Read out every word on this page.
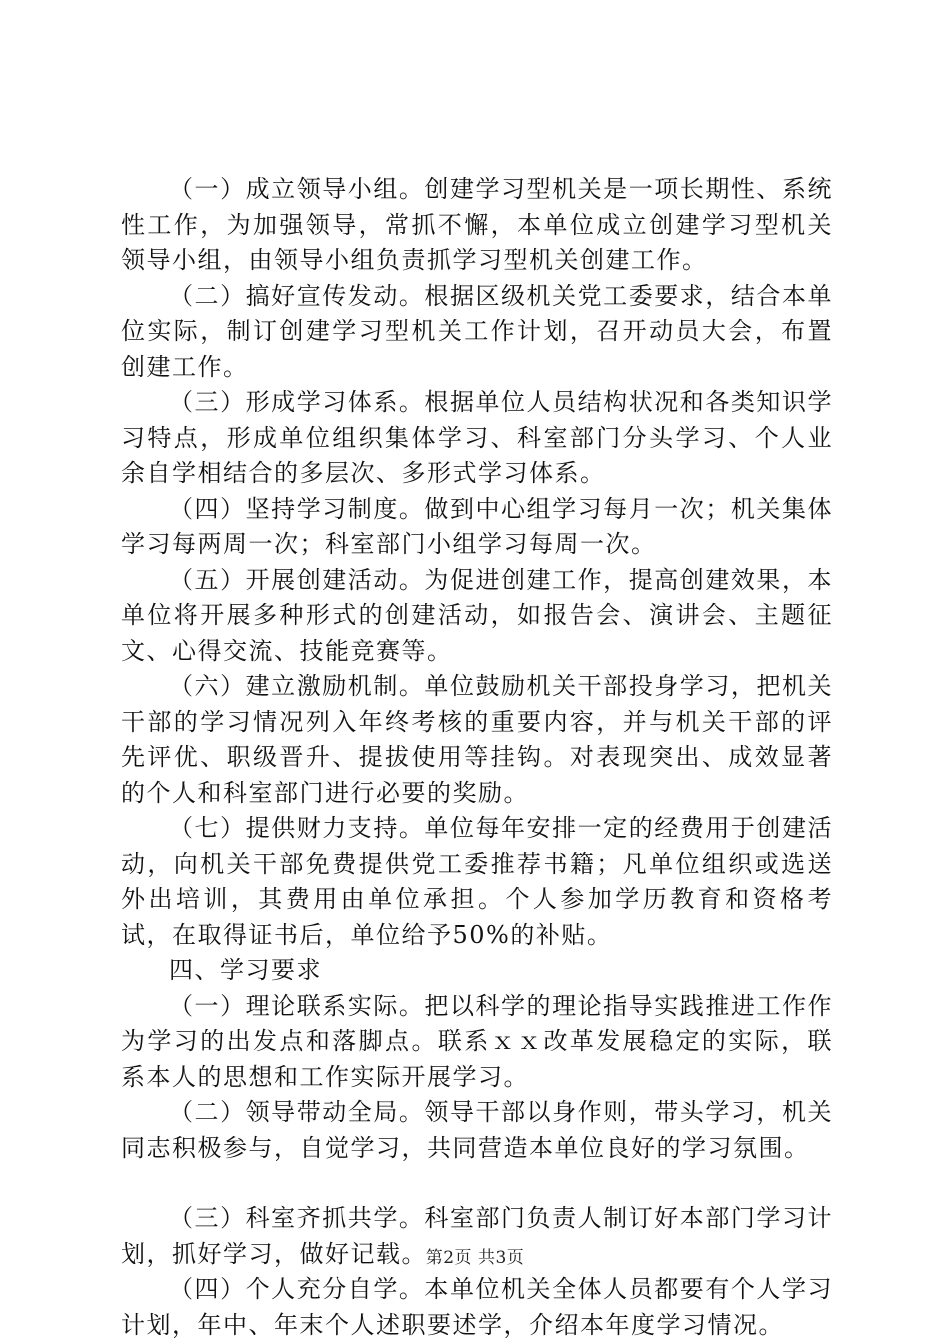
（一）成立领导小组。创建学习型机关是一项长期性、系统性工作，为加强领导，常抓不懈，本单位成立创建学习型机关领导小组，由领导小组负责抓学习型机关创建工作。

（二）搞好宣传发动。根据区级机关党工委要求，结合本单位实际，制订创建学习型机关工作计划，召开动员大会，布置创建工作。

（三）形成学习体系。根据单位人员结构状况和各类知识学习特点，形成单位组织集体学习、科室部门分头学习、个人业余自学相结合的多层次、多形式学习体系。

（四）坚持学习制度。做到中心组学习每月一次；机关集体学习每两周一次；科室部门小组学习每周一次。

（五）开展创建活动。为促进创建工作，提高创建效果，本单位将开展多种形式的创建活动，如报告会、演讲会、主题征文、心得交流、技能竞赛等。

（六）建立激励机制。单位鼓励机关干部投身学习，把机关干部的学习情况列入年终考核的重要内容，并与机关干部的评先评优、职级晋升、提拔使用等挂钩。对表现突出、成效显著的个人和科室部门进行必要的奖励。

（七）提供财力支持。单位每年安排一定的经费用于创建活动，向机关干部免费提供党工委推荐书籍；凡单位组织或选送外出培训，其费用由单位承担。个人参加学历教育和资格考试，在取得证书后，单位给予50%的补贴。

四、学习要求

（一）理论联系实际。把以科学的理论指导实践推进工作作为学习的出发点和落脚点。联系ｘｘ改革发展稳定的实际，联系本人的思想和工作实际开展学习。

（二）领导带动全局。领导干部以身作则，带头学习，机关同志积极参与，自觉学习，共同营造本单位良好的学习氛围。

（三）科室齐抓共学。科室部门负责人制订好本部门学习计划，抓好学习，做好记载。

（四）个人充分自学。本单位机关全体人员都要有个人学习计划，年中、年末个人述职要述学，介绍本年度学习情况。

第2页 共3页
